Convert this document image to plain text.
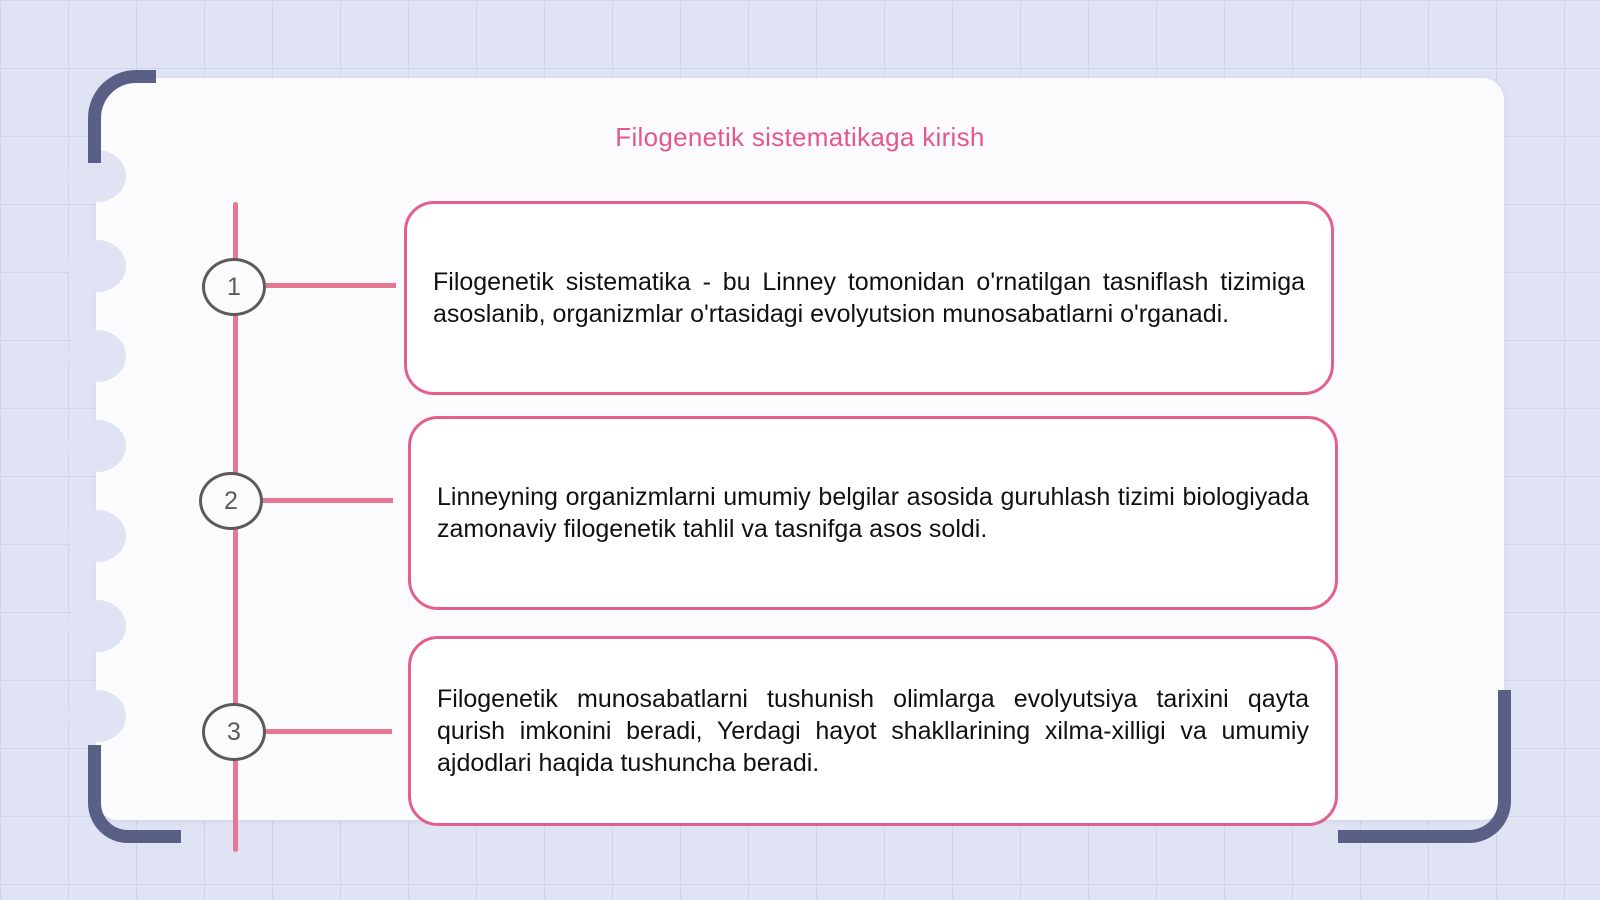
Filogenetik sistematikaga kirish
1	Filogenetik sistematika - bu Linney tomonidan o'rnatilgan tasniflash tizimiga asoslanib, organizmlar o'rtasidagi evolyutsion munosabatlarni o'rganadi.
2	Linneyning organizmlarni umumiy belgilar asosida guruhlash tizimi biologiyada zamonaviy filogenetik tahlil va tasnifga asos soldi.
3
Filogenetik munosabatlarni tushunish olimlarga evolyutsiya tarixini qayta qurish imkonini beradi, Yerdagi hayot shakllarining xilma-xilligi va umumiy ajdodlari haqida tushuncha beradi.
